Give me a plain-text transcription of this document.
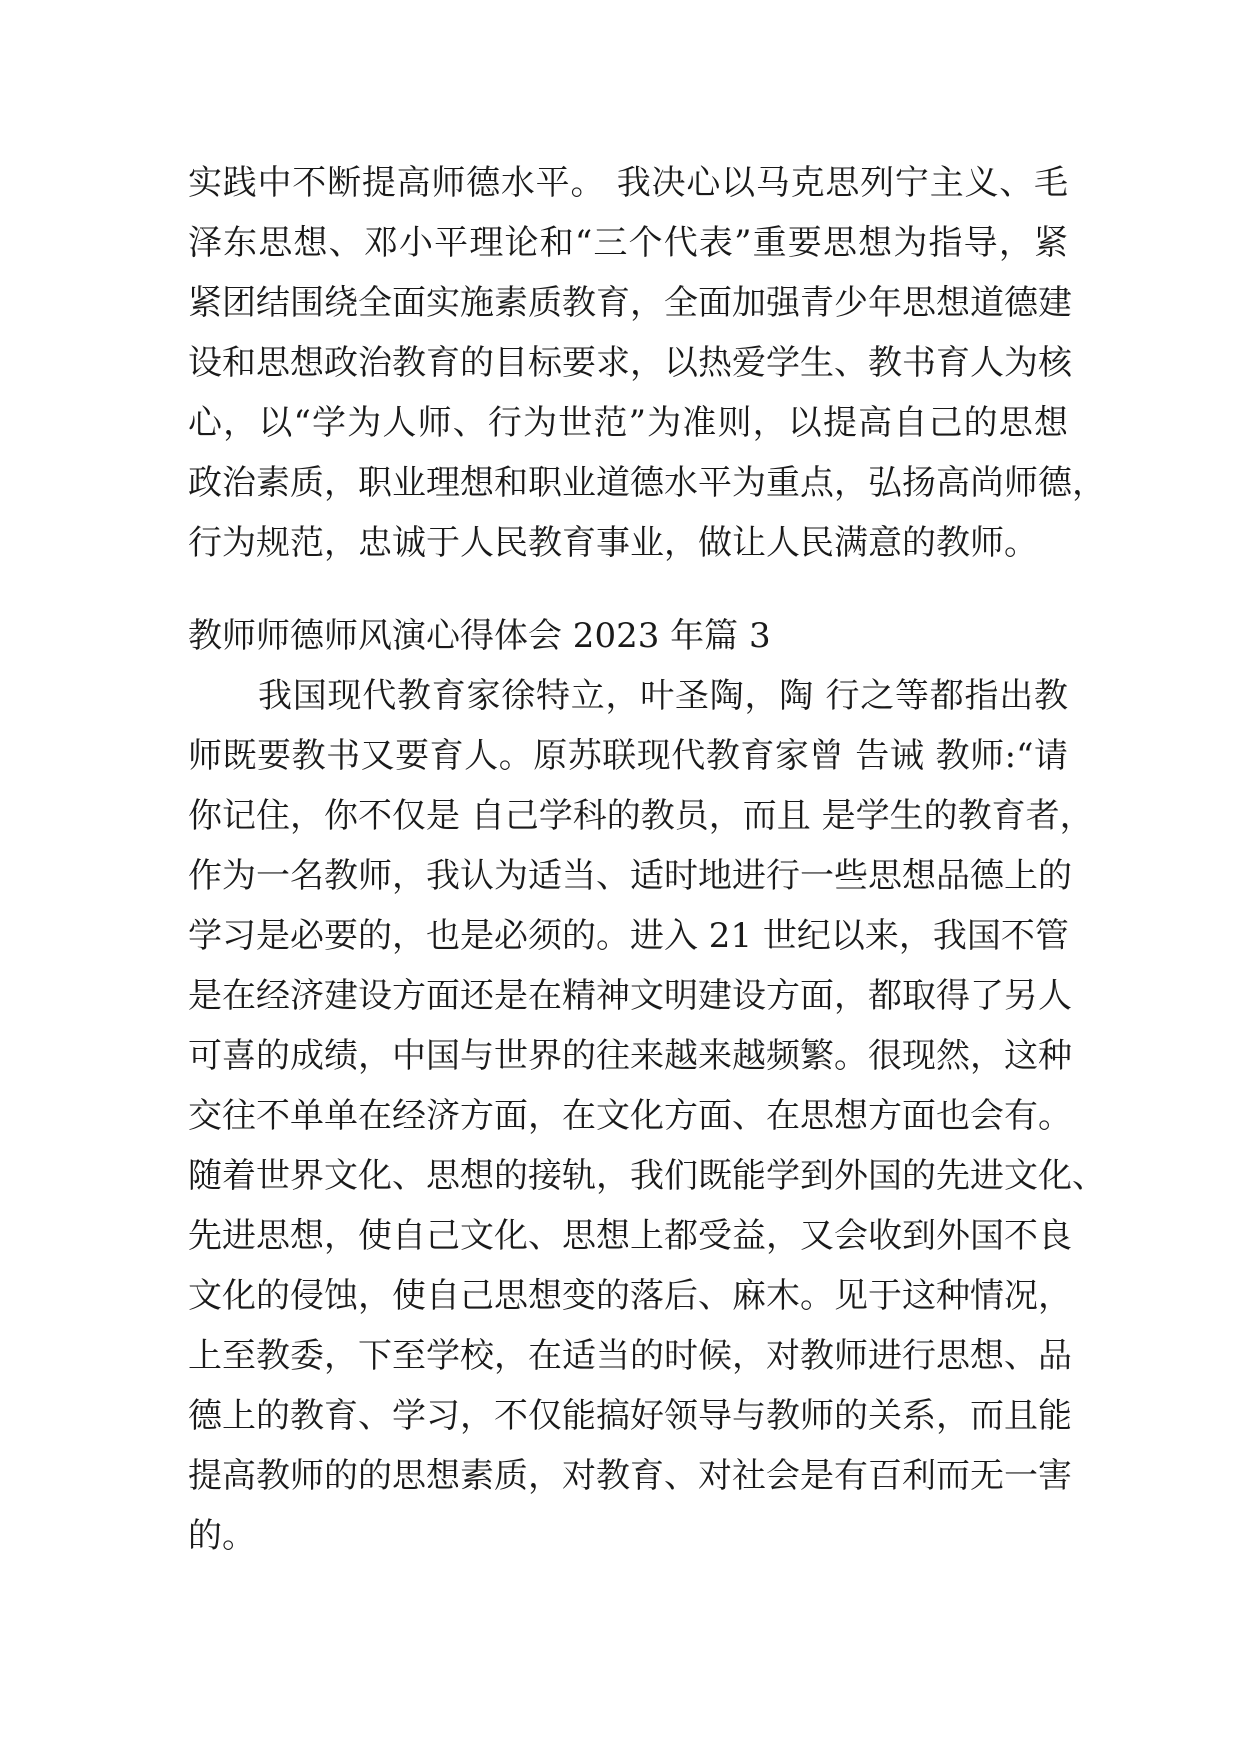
实践中不断提高师德水平。 我决心以马克思列宁主义、毛
泽东思想、邓小平理论和“三个代表”重要思想为指导，紧
紧团结围绕全面实施素质教育，全面加强青少年思想道德建
设和思想政治教育的目标要求，以热爱学生、教书育人为核
心，以“学为人师、行为世范”为准则，以提高自己的思想
政治素质，职业理想和职业道德水平为重点，弘扬高尚师德，
行为规范，忠诚于人民教育事业，做让人民满意的教师。
教师师德师风演心得体会 2023 年篇 3
我国现代教育家徐特立，叶圣陶，陶 行之等都指出教
师既要教书又要育人。原苏联现代教育家曾 告诫 教师:“请
你记住，你不仅是 自己学科的教员，而且 是学生的教育者，
作为一名教师，我认为适当、适时地进行一些思想品德上的
学习是必要的，也是必须的。进入 21 世纪以来，我国不管
是在经济建设方面还是在精神文明建设方面，都取得了另人
可喜的成绩，中国与世界的往来越来越频繁。很现然，这种
交往不单单在经济方面，在文化方面、在思想方面也会有。
随着世界文化、思想的接轨，我们既能学到外国的先进文化、
先进思想，使自己文化、思想上都受益，又会收到外国不良
文化的侵蚀，使自己思想变的落后、麻木。见于这种情况，
上至教委，下至学校，在适当的时候，对教师进行思想、品
德上的教育、学习，不仅能搞好领导与教师的关系，而且能
提高教师的的思想素质，对教育、对社会是有百利而无一害
的。
